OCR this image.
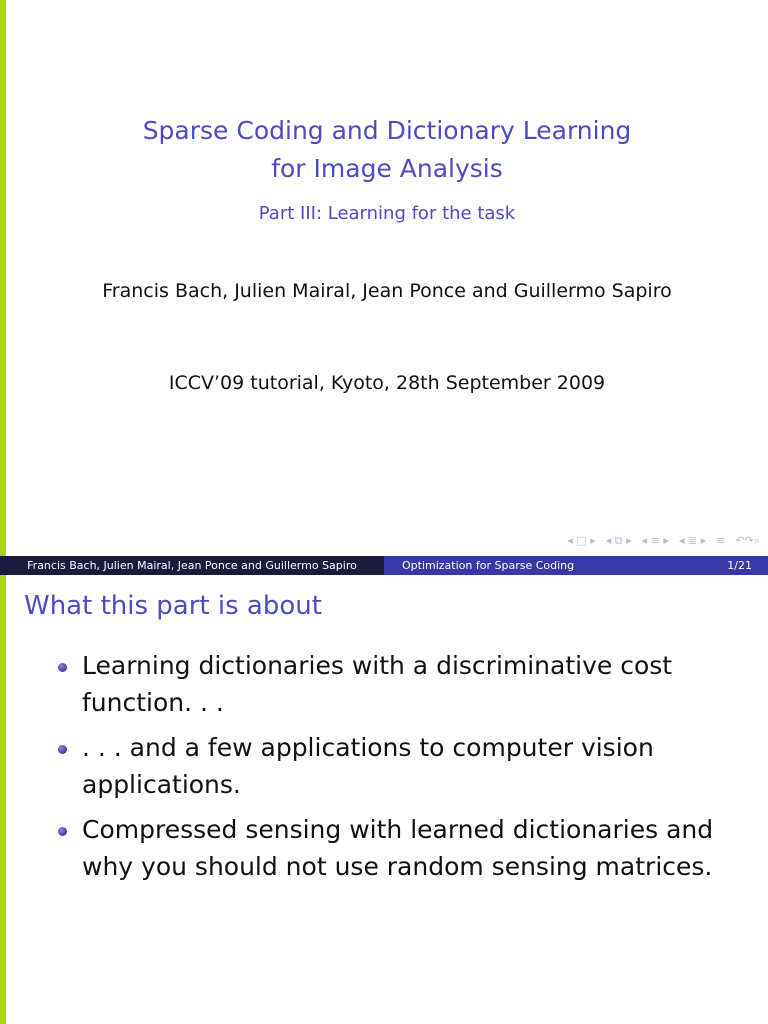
Sparse Coding and Dictionary Learning
for Image Analysis
Part III: Learning for the task
Francis Bach, Julien Mairal, Jean Ponce and Guillermo Sapiro
ICCV’09 tutorial, Kyoto, 28th September 2009
◂ □ ▸ ◂ ⧉ ▸ ◂ ≡ ▸ ◂ ≣ ▸ ≡ ↶↷⌕
Francis Bach, Julien Mairal, Jean Ponce and Guillermo Sapiro	Optimization for Sparse Coding	1/21
What this part is about
Learning dictionaries with a discriminative cost function. . .
. . . and a few applications to computer vision applications.
Compressed sensing with learned dictionaries and why you should not use random sensing matrices.
